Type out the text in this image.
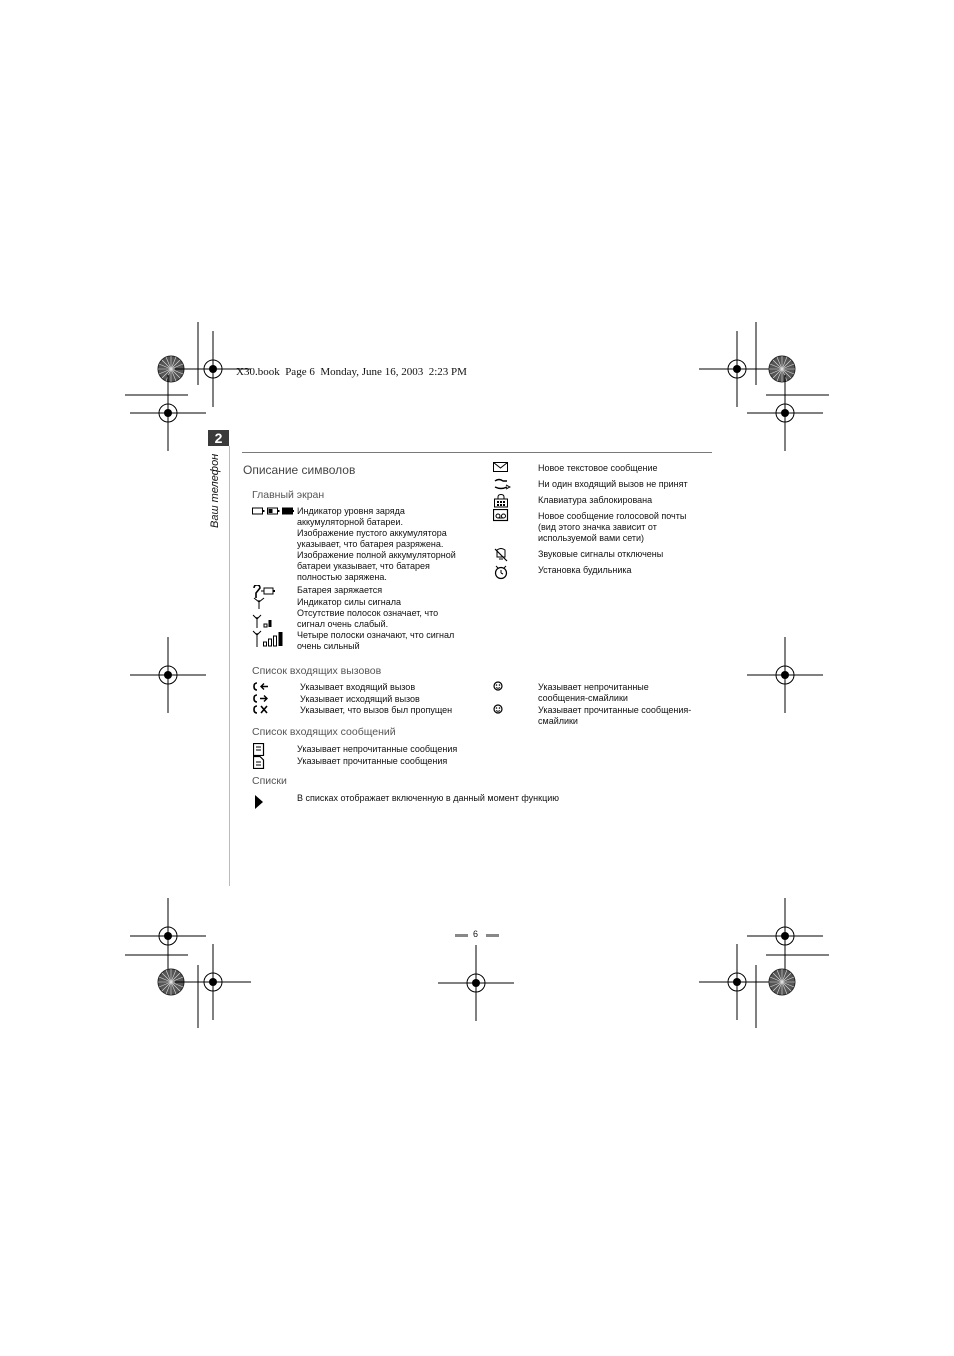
X30.book  Page 6  Monday, June 16, 2003  2:23 PM
2
Ваш телефон Описание символов
Главный экран
Индикатор уровня заряда
аккумуляторной батареи.
Изображение пустого аккумулятора
указывает, что батарея разряжена.
Изображение полной аккумуляторной
батареи указывает, что батарея
полностью заряжена.
Батарея заряжается
Индикатор силы сигнала
Отсутствие полосок означает, что
сигнал очень слабый.
Четыре полоски означают, что сигнал
очень сильный
Новое текстовое сообщение
Ни один входящий вызов не принят
Клавиатура заблокирована
Новое сообщение голосовой почты
(вид этого значка зависит от
используемой вами сети)
Звуковые сигналы отключены
Установка будильника
Список входящих вызовов
Указывает входящий вызов
Указывает исходящий вызов
Указывает, что вызов был пропущен
Указывает непрочитанные
сообщения-смайлики
Указывает прочитанные сообщения-
смайлики
Список входящих сообщений
Указывает непрочитанные сообщения
Указывает прочитанные сообщения
Списки
В списках отображает включенную в данный момент функцию
6
